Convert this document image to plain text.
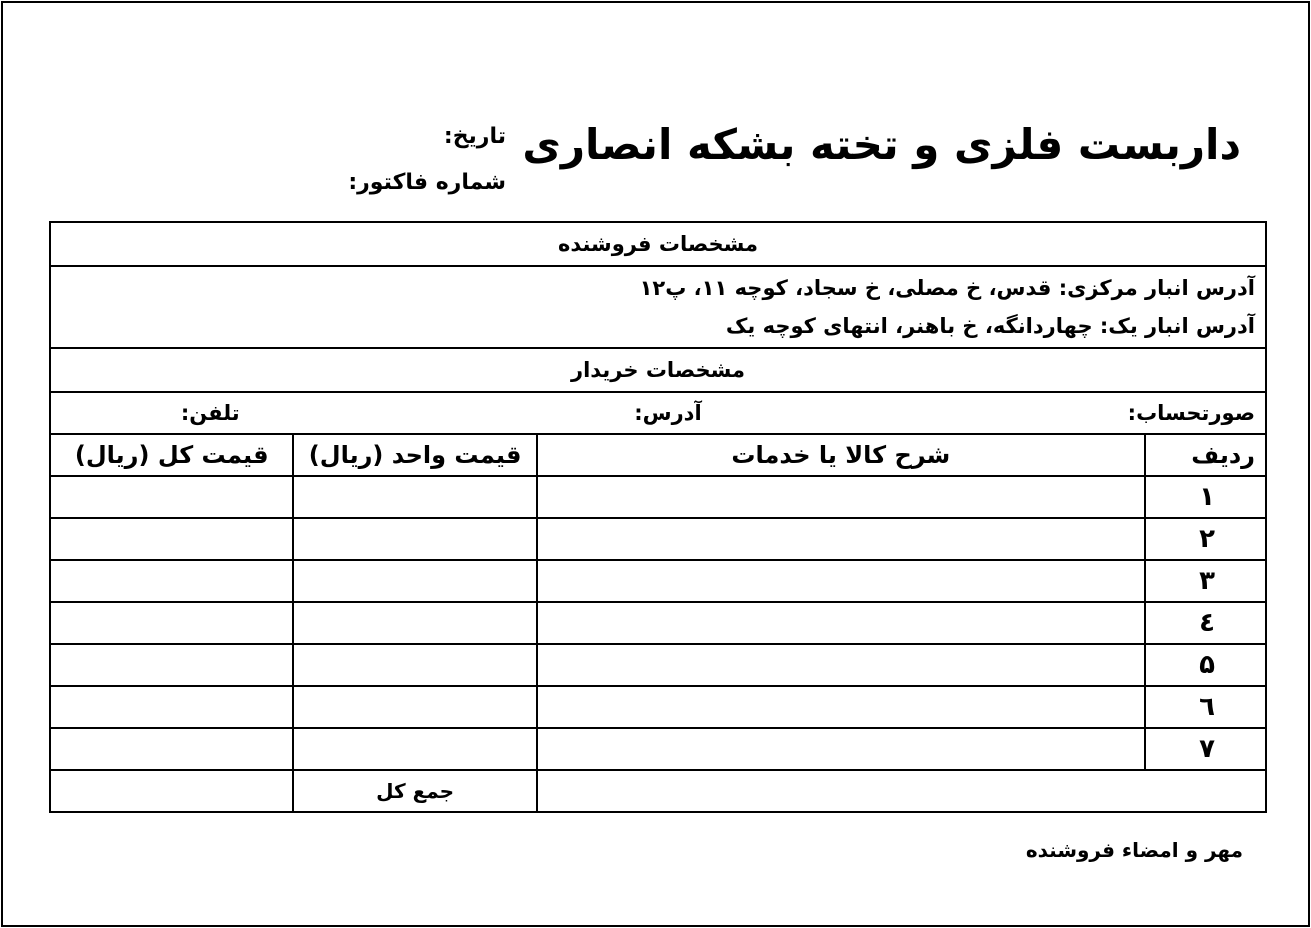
داربست فلزی و تخته بشکه انصاری
تاریخ:
شماره فاکتور:
مشخصات فروشنده			

آدرس انبار مرکزی: قدس، خ مصلی، خ سجاد، کوچه ۱۱، پ۱۲
آدرس انبار یک: چهاردانگه، خ باهنر، انتهای کوچه یک			

مشخصات خریدار			

صورتحساب:
آدرس:
تلفن:			

ردیف	شرح کالا یا خدمات	قیمت واحد (ریال)	قیمت کل (ریال)
۱			
۲			
۳			
٤			
۵			
٦			
۷			
		جمع کل	
مهر و امضاء فروشنده
